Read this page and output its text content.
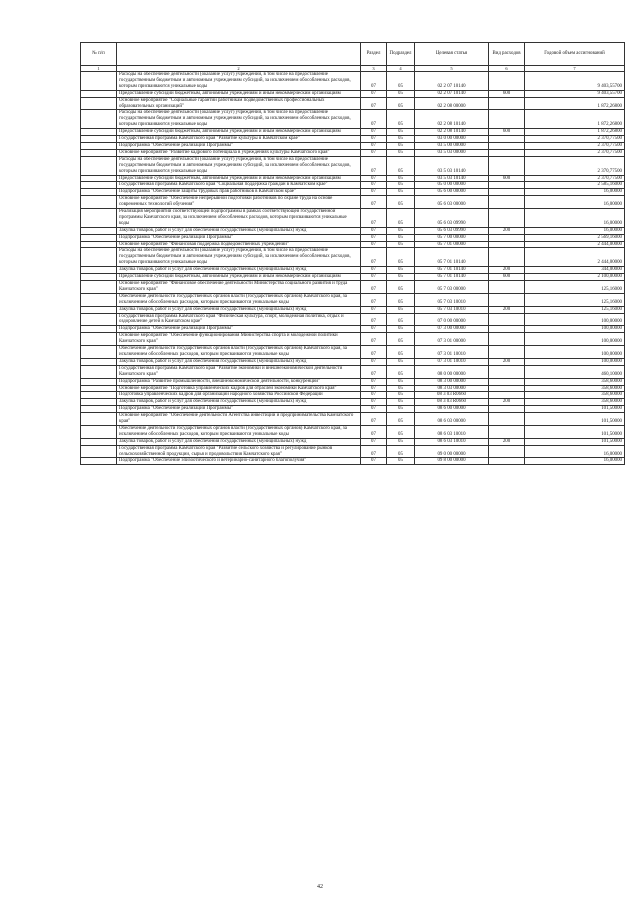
№ п/п		Раздел	Подраздел	Целевая статья	Вид расходов	Годовой объем ассигнований
1	2	3	4	5	6	7
	Расходы на обеспечение деятельности (оказание услуг) учреждений, в том числе на предоставление государственным бюджетным и автономным учреждениям субсидий, за исключением обособленных расходов, которым присваиваются уникальные коды	07	05	02 2 07 10140		9 403,55700
	Предоставление субсидий бюджетным, автономным учреждениям и иным некоммерческим организациям	07	05	02 2 07 10140	600	9 403,55700
	Основное мероприятие "Социальные гарантии работникам подведомственных профессиональных образовательных организаций"	07	05	02 2 08 00000		1 872,26800
	Расходы на обеспечение деятельности (оказание услуг) учреждений, в том числе на предоставление государственным бюджетным и автономным учреждениям субсидий, за исключением обособленных расходов, которым присваиваются уникальные коды	07	05	02 2 08 10140		1 872,26800
	Предоставление субсидий бюджетным, автономным учреждениям и иным некоммерческим организациям	07	05	02 2 08 10140	600	1 872,26800
	Государственная программа Камчатского края "Развитие культуры в Камчатском крае"	07	05	03 0 00 00000		2 370,77500
	Подпрограмма "Обеспечение реализации Программы"	07	05	03 5 00 00000		2 370,77500
	Основное мероприятие "Развитие кадрового потенциала в учреждениях культуры Камчатского края"	07	05	03 5 03 00000		2 370,77500
	Расходы на обеспечение деятельности (оказание услуг) учреждений, в том числе на предоставление государственным бюджетным и автономным учреждениям субсидий, за исключением обособленных расходов, которым присваиваются уникальные коды	07	05	03 5 03 10140		2 370,77500
	Предоставление субсидий бюджетным, автономным учреждениям и иным некоммерческим организациям	07	05	03 5 03 10140	600	2 370,77500
	Государственная программа Камчатского края "Социальная поддержка граждан в Камчатском крае"	07	05	05 0 00 00000		2 585,16000
	Подпрограмма "Обеспечение защиты трудовых прав работников в Камчатском крае"	07	05	05 6 00 00000		16,00000
	Основное мероприятие "Обеспечение непрерывной подготовки работников по охране труда на основе современных технологий обучения"	07	05	05 6 03 00000		16,00000
	Реализация мероприятий соответствующей подпрограммы в рамках соответствующей государственной программы Камчатского края, за исключением обособленных расходов, которым присваиваются уникальные коды	07	05	05 6 03 09990		16,00000
	Закупка товаров, работ и услуг для обеспечения государственных (муниципальных) нужд	07	05	05 6 03 09990	200	16,00000
	Подпрограмма "Обеспечение реализации Программы"	07	05	05 7 00 00000		2 569,16000
	Основное мероприятие "Финансовая поддержка подведомственных учреждений"	07	05	05 7 01 00000		2 444,00000
	Расходы на обеспечение деятельности (оказание услуг) учреждений, в том числе на предоставление государственным бюджетным и автономным учреждениям субсидий, за исключением обособленных расходов, которым присваиваются уникальные коды	07	05	05 7 01 10140		2 444,00000
	Закупка товаров, работ и услуг для обеспечения государственных (муниципальных) нужд	07	05	05 7 01 10140	200	344,00000
	Предоставление субсидий бюджетным, автономным учреждениям и иным некоммерческим организациям	07	05	05 7 01 10140	600	2 100,00000
	Основное мероприятие "Финансовое обеспечение деятельности Министерства социального развития и труда Камчатского края"	07	05	05 7 03 00000		125,16000
	Обеспечение деятельности государственных органов власти (государственных органов) Камчатского края, за исключением обособленных расходов, которым присваиваются уникальные коды	07	05	05 7 03 10010		125,16000
	Закупка товаров, работ и услуг для обеспечения государственных (муниципальных) нужд	07	05	05 7 03 10010	200	125,16000
	Государственная программа Камчатского края "Физическая культура, спорт, молодежная политика, отдых и оздоровление детей в Камчатском крае"	07	05	07 0 00 00000		100,00000
	Подпрограмма "Обеспечение реализации Программы"	07	05	07 3 00 00000		100,00000
	Основное мероприятие "Обеспечение функционирования Министерства спорта и молодежной политики Камчатского края"	07	05	07 3 01 00000		100,00000
	Обеспечение деятельности государственных органов власти (государственных органов) Камчатского края, за исключением обособленных расходов, которым присваиваются уникальные коды	07	05	07 3 01 10010		100,00000
	Закупка товаров, работ и услуг для обеспечения государственных (муниципальных) нужд	07	05	07 3 01 10010	200	100,00000
	Государственная программа Камчатского края "Развитие экономики и внешнеэкономической деятельности Камчатского края"	07	05	08 0 00 00000		460,10000
	Подпрограмма "Развитие промышленности, внешнеэкономической деятельности, конкуренции"	07	05	08 3 00 00000		358,60000
	Основное мероприятие "Подготовка управленческих кадров для отраслей экономики Камчатского края"	07	05	08 3 03 00000		358,60000
	Подготовка управленческих кадров для организаций народного хозяйства Российской Федерации	07	05	08 3 03 R0660		358,60000
	Закупка товаров, работ и услуг для обеспечения государственных (муниципальных) нужд	07	05	08 3 03 R0660	200	358,60000
	Подпрограмма "Обеспечение реализации Программы"	07	05	08 6 00 00000		101,50000
	Основное мероприятие "Обеспечение деятельности Агентства инвестиций и предпринимательства Камчатского края"	07	05	08 6 03 00000		101,50000
	Обеспечение деятельности государственных органов власти (государственных органов) Камчатского края, за исключением обособленных расходов, которым присваиваются уникальные коды	07	05	08 6 03 10010		101,50000
	Закупка товаров, работ и услуг для обеспечения государственных (муниципальных) нужд	07	05	08 6 03 10010	200	101,50000
	Государственная программа Камчатского края "Развитие сельского хозяйства и регулирование рынков сельскохозяйственной продукции, сырья и продовольствия Камчатского края"	07	05	09 0 00 00000		16,00000
	Подпрограмма "Обеспечение эпизоотического и ветеринарно-санитарного благополучия"	07	05	09 8 00 00000		16,00000
42
